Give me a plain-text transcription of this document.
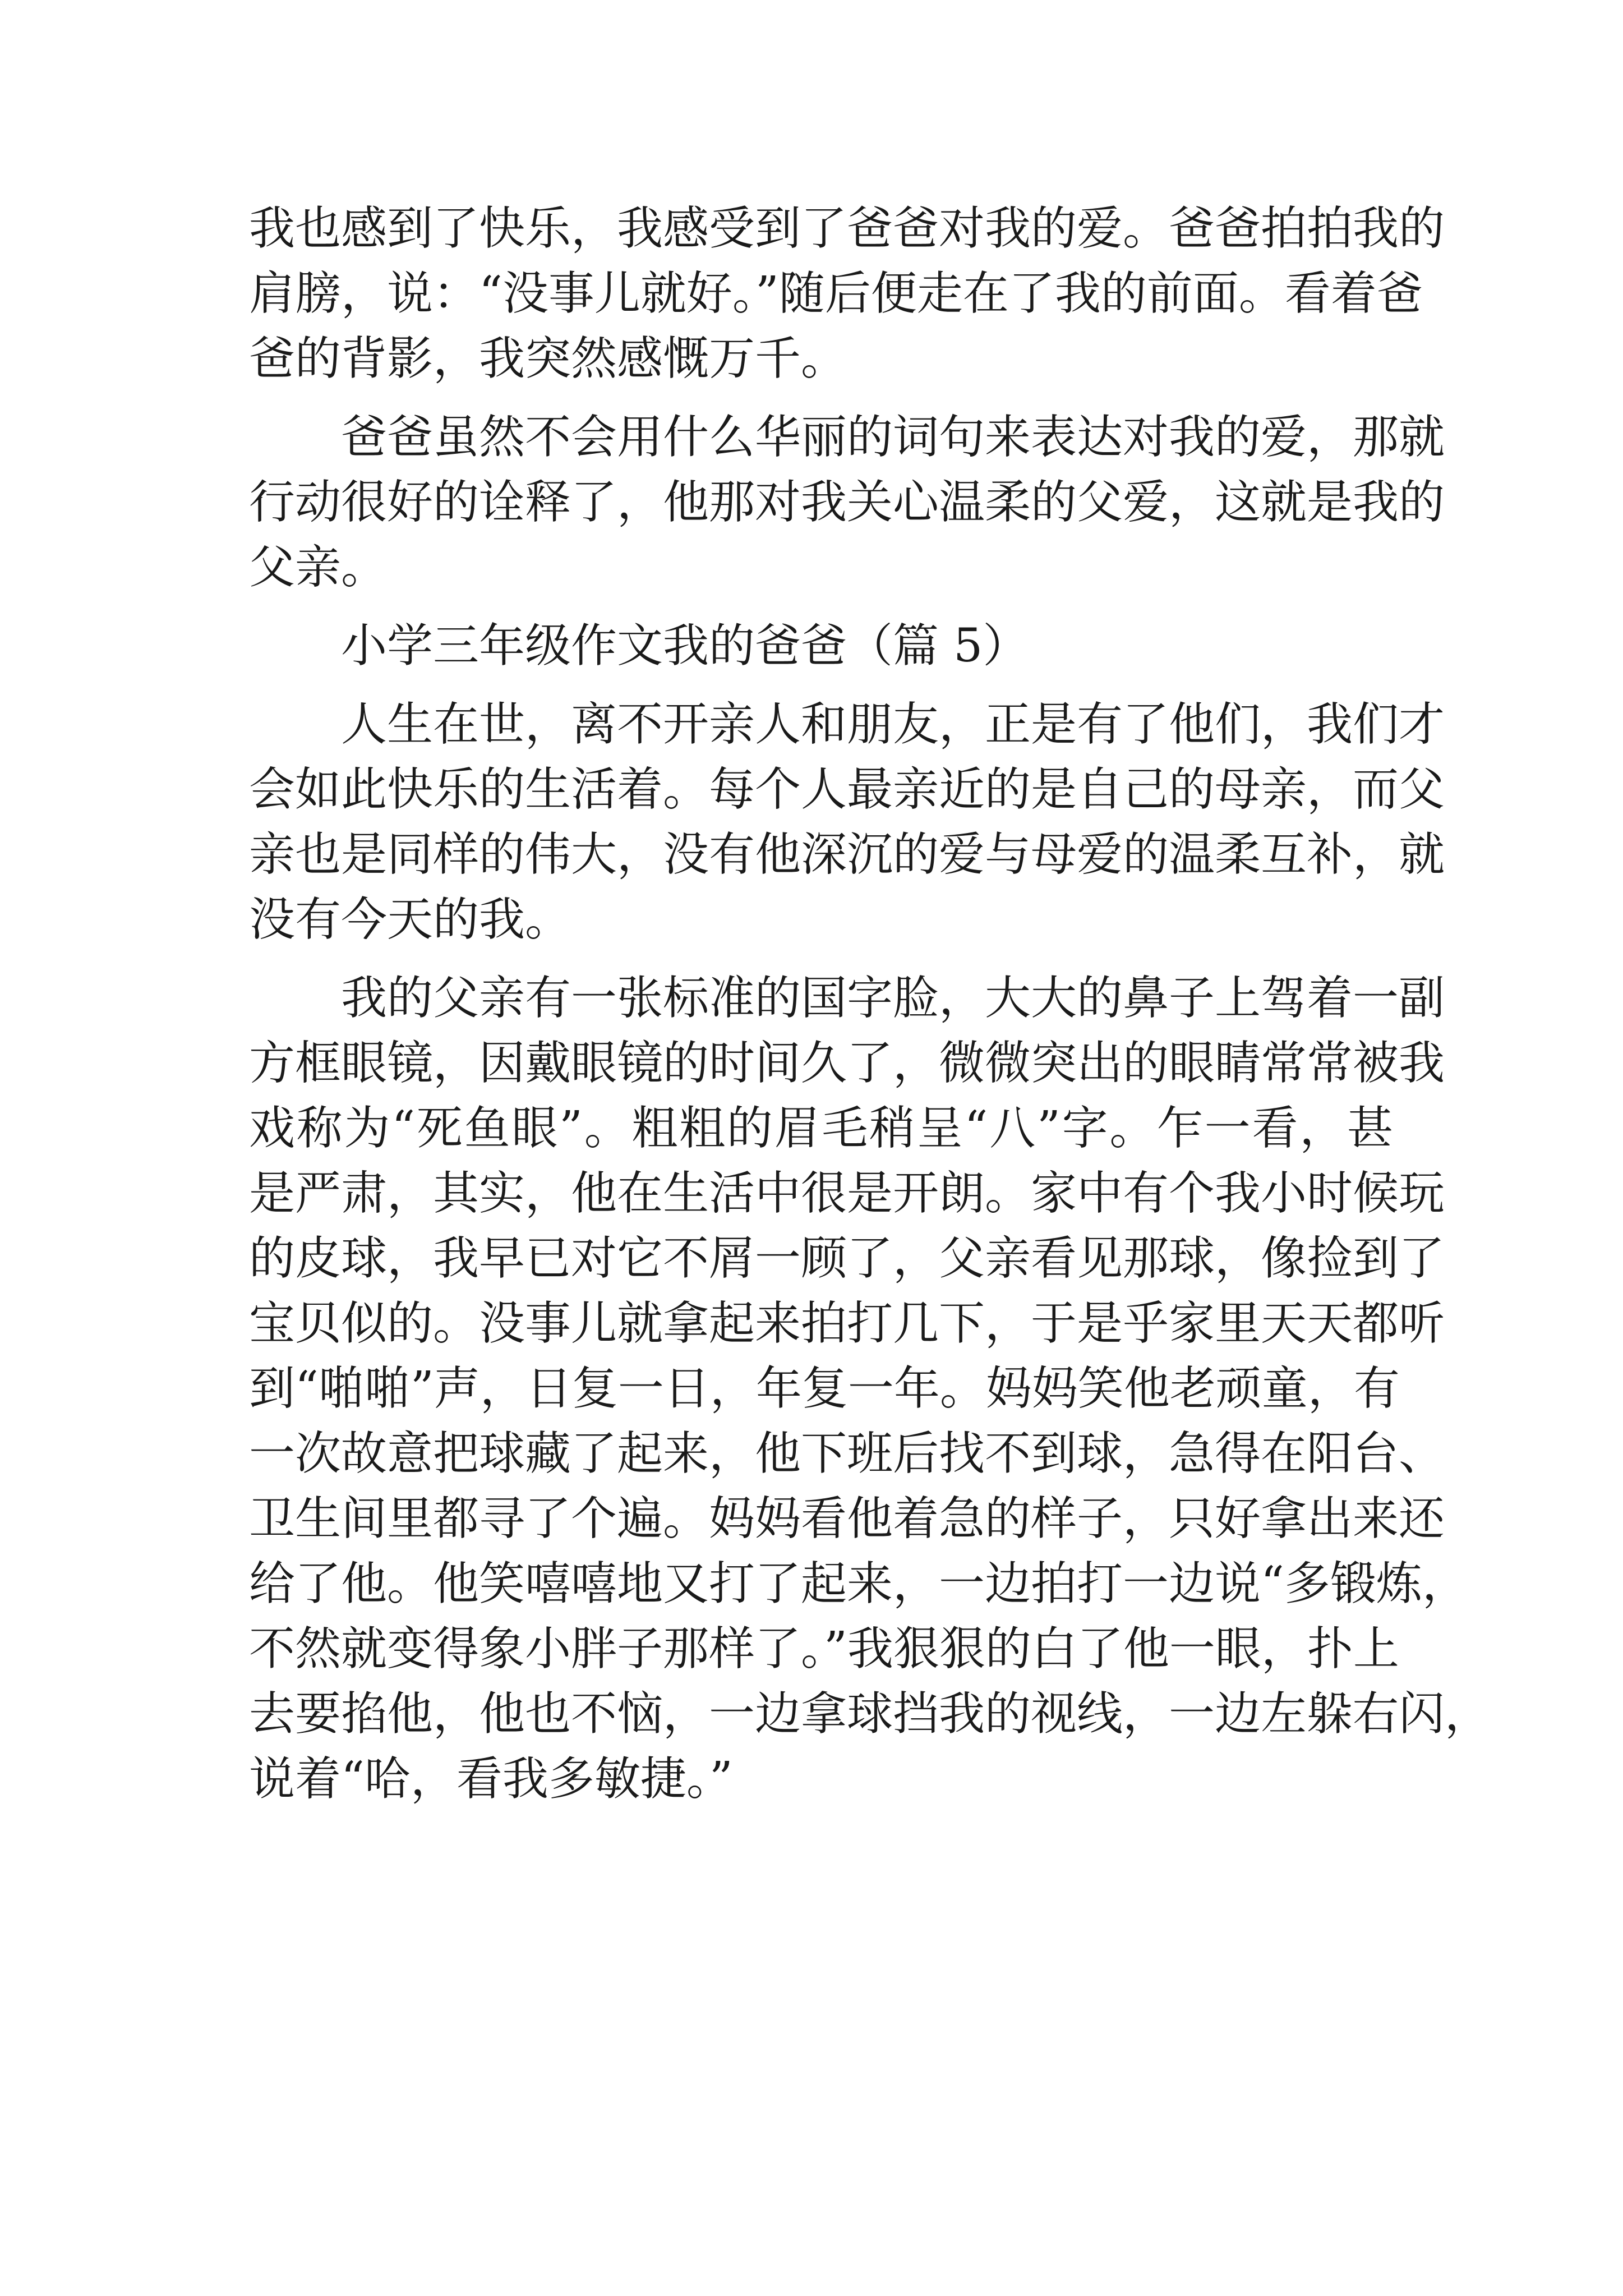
我也感到了快乐，我感受到了爸爸对我的爱。爸爸拍拍我的

肩膀，说：“没事儿就好。”随后便走在了我的前面。看着爸

爸的背影，我突然感慨万千。

爸爸虽然不会用什么华丽的词句来表达对我的爱，那就

行动很好的诠释了，他那对我关心温柔的父爱，这就是我的

父亲。

小学三年级作文我的爸爸（篇 5）

人生在世，离不开亲人和朋友，正是有了他们，我们才

会如此快乐的生活着。每个人最亲近的是自己的母亲，而父

亲也是同样的伟大，没有他深沉的爱与母爱的温柔互补，就

没有今天的我。

我的父亲有一张标准的国字脸，大大的鼻子上驾着一副

方框眼镜，因戴眼镜的时间久了，微微突出的眼睛常常被我

戏称为“死鱼眼”。粗粗的眉毛稍呈“八”字。乍一看，甚

是严肃，其实，他在生活中很是开朗。家中有个我小时候玩

的皮球，我早已对它不屑一顾了，父亲看见那球，像捡到了

宝贝似的。没事儿就拿起来拍打几下，于是乎家里天天都听

到“啪啪”声，日复一日，年复一年。妈妈笑他老顽童，有

一次故意把球藏了起来，他下班后找不到球，急得在阳台、

卫生间里都寻了个遍。妈妈看他着急的样子，只好拿出来还

给了他。他笑嘻嘻地又打了起来，一边拍打一边说“多锻炼，

不然就变得象小胖子那样了。”我狠狠的白了他一眼，扑上

去要掐他，他也不恼，一边拿球挡我的视线，一边左躲右闪，

说着“哈，看我多敏捷。”
